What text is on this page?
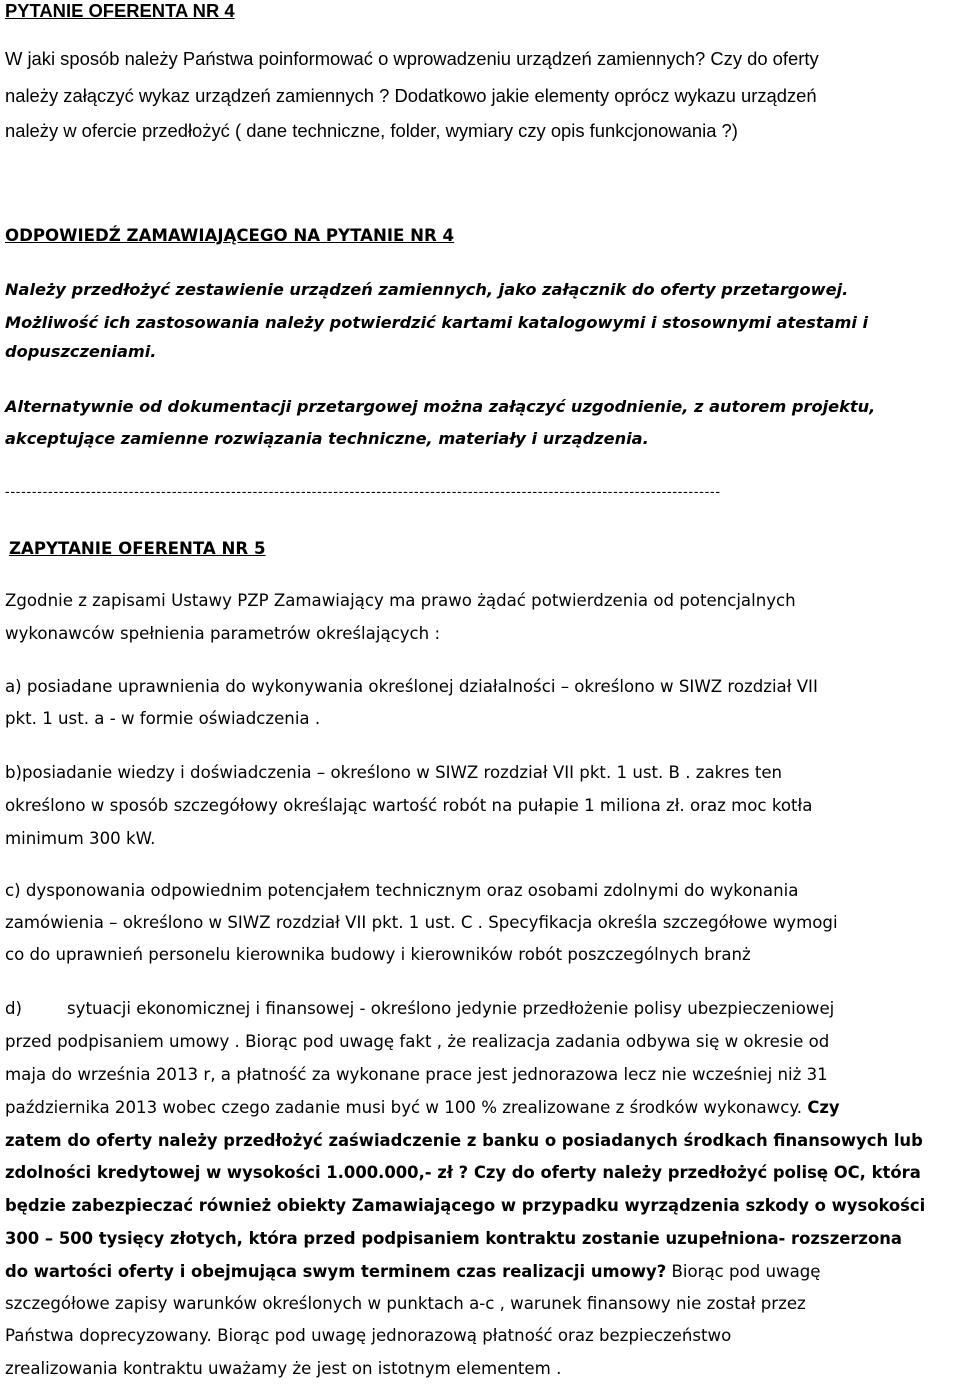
PYTANIE OFERENTA NR 4
W jaki sposób należy Państwa poinformować o wprowadzeniu urządzeń zamiennych? Czy do oferty
należy załączyć wykaz urządzeń zamiennych ? Dodatkowo jakie elementy oprócz wykazu urządzeń
należy w ofercie przedłożyć ( dane techniczne, folder, wymiary czy opis funkcjonowania ?)
ODPOWIEDŹ ZAMAWIAJĄCEGO NA PYTANIE NR 4
Należy przedłożyć zestawienie urządzeń zamiennych, jako załącznik do oferty przetargowej.
Możliwość ich zastosowania należy potwierdzić kartami katalogowymi i stosownymi atestami i
dopuszczeniami.
Alternatywnie od dokumentacji przetargowej można załączyć uzgodnienie, z autorem projektu,
akceptujące zamienne rozwiązania techniczne, materiały i urządzenia.
-------------------------------------------------------------------------------------------------------------------------------------
ZAPYTANIE OFERENTA NR 5
Zgodnie z zapisami Ustawy PZP Zamawiający ma prawo żądać potwierdzenia od potencjalnych
wykonawców spełnienia parametrów określających :
a) posiadane uprawnienia do wykonywania określonej działalności – określono w SIWZ rozdział VII
pkt. 1 ust. a - w formie oświadczenia .
b)posiadanie wiedzy i doświadczenia – określono w SIWZ rozdział VII pkt. 1 ust. B . zakres ten
określono w sposób szczegółowy określając wartość robót na pułapie 1 miliona zł. oraz moc kotła
minimum 300 kW.
c) dysponowania odpowiednim potencjałem technicznym oraz osobami zdolnymi do wykonania
zamówienia – określono w SIWZ rozdział VII pkt. 1 ust. C . Specyfikacja określa szczegółowe wymogi
co do uprawnień personelu kierownika budowy i kierowników robót poszczególnych branż
d)	sytuacji ekonomicznej i finansowej - określono jedynie przedłożenie polisy ubezpieczeniowej
przed podpisaniem umowy . Biorąc pod uwagę fakt , że realizacja zadania odbywa się w okresie od
maja do września 2013 r, a płatność za wykonane prace jest jednorazowa lecz nie wcześniej niż 31
października 2013 wobec czego zadanie musi być w 100 % zrealizowane z środków wykonawcy. Czy
zatem do oferty należy przedłożyć zaświadczenie z banku o posiadanych środkach finansowych lub
zdolności kredytowej w wysokości 1.000.000,- zł ? Czy do oferty należy przedłożyć polisę OC, która
będzie zabezpieczać również obiekty Zamawiającego w przypadku wyrządzenia szkody o wysokości
300 – 500 tysięcy złotych, która przed podpisaniem kontraktu zostanie uzupełniona- rozszerzona
do wartości oferty i obejmująca swym terminem czas realizacji umowy? Biorąc pod uwagę
szczegółowe zapisy warunków określonych w punktach a-c , warunek finansowy nie został przez
Państwa doprecyzowany. Biorąc pod uwagę jednorazową płatność oraz bezpieczeństwo
zrealizowania kontraktu uważamy że jest on istotnym elementem .
